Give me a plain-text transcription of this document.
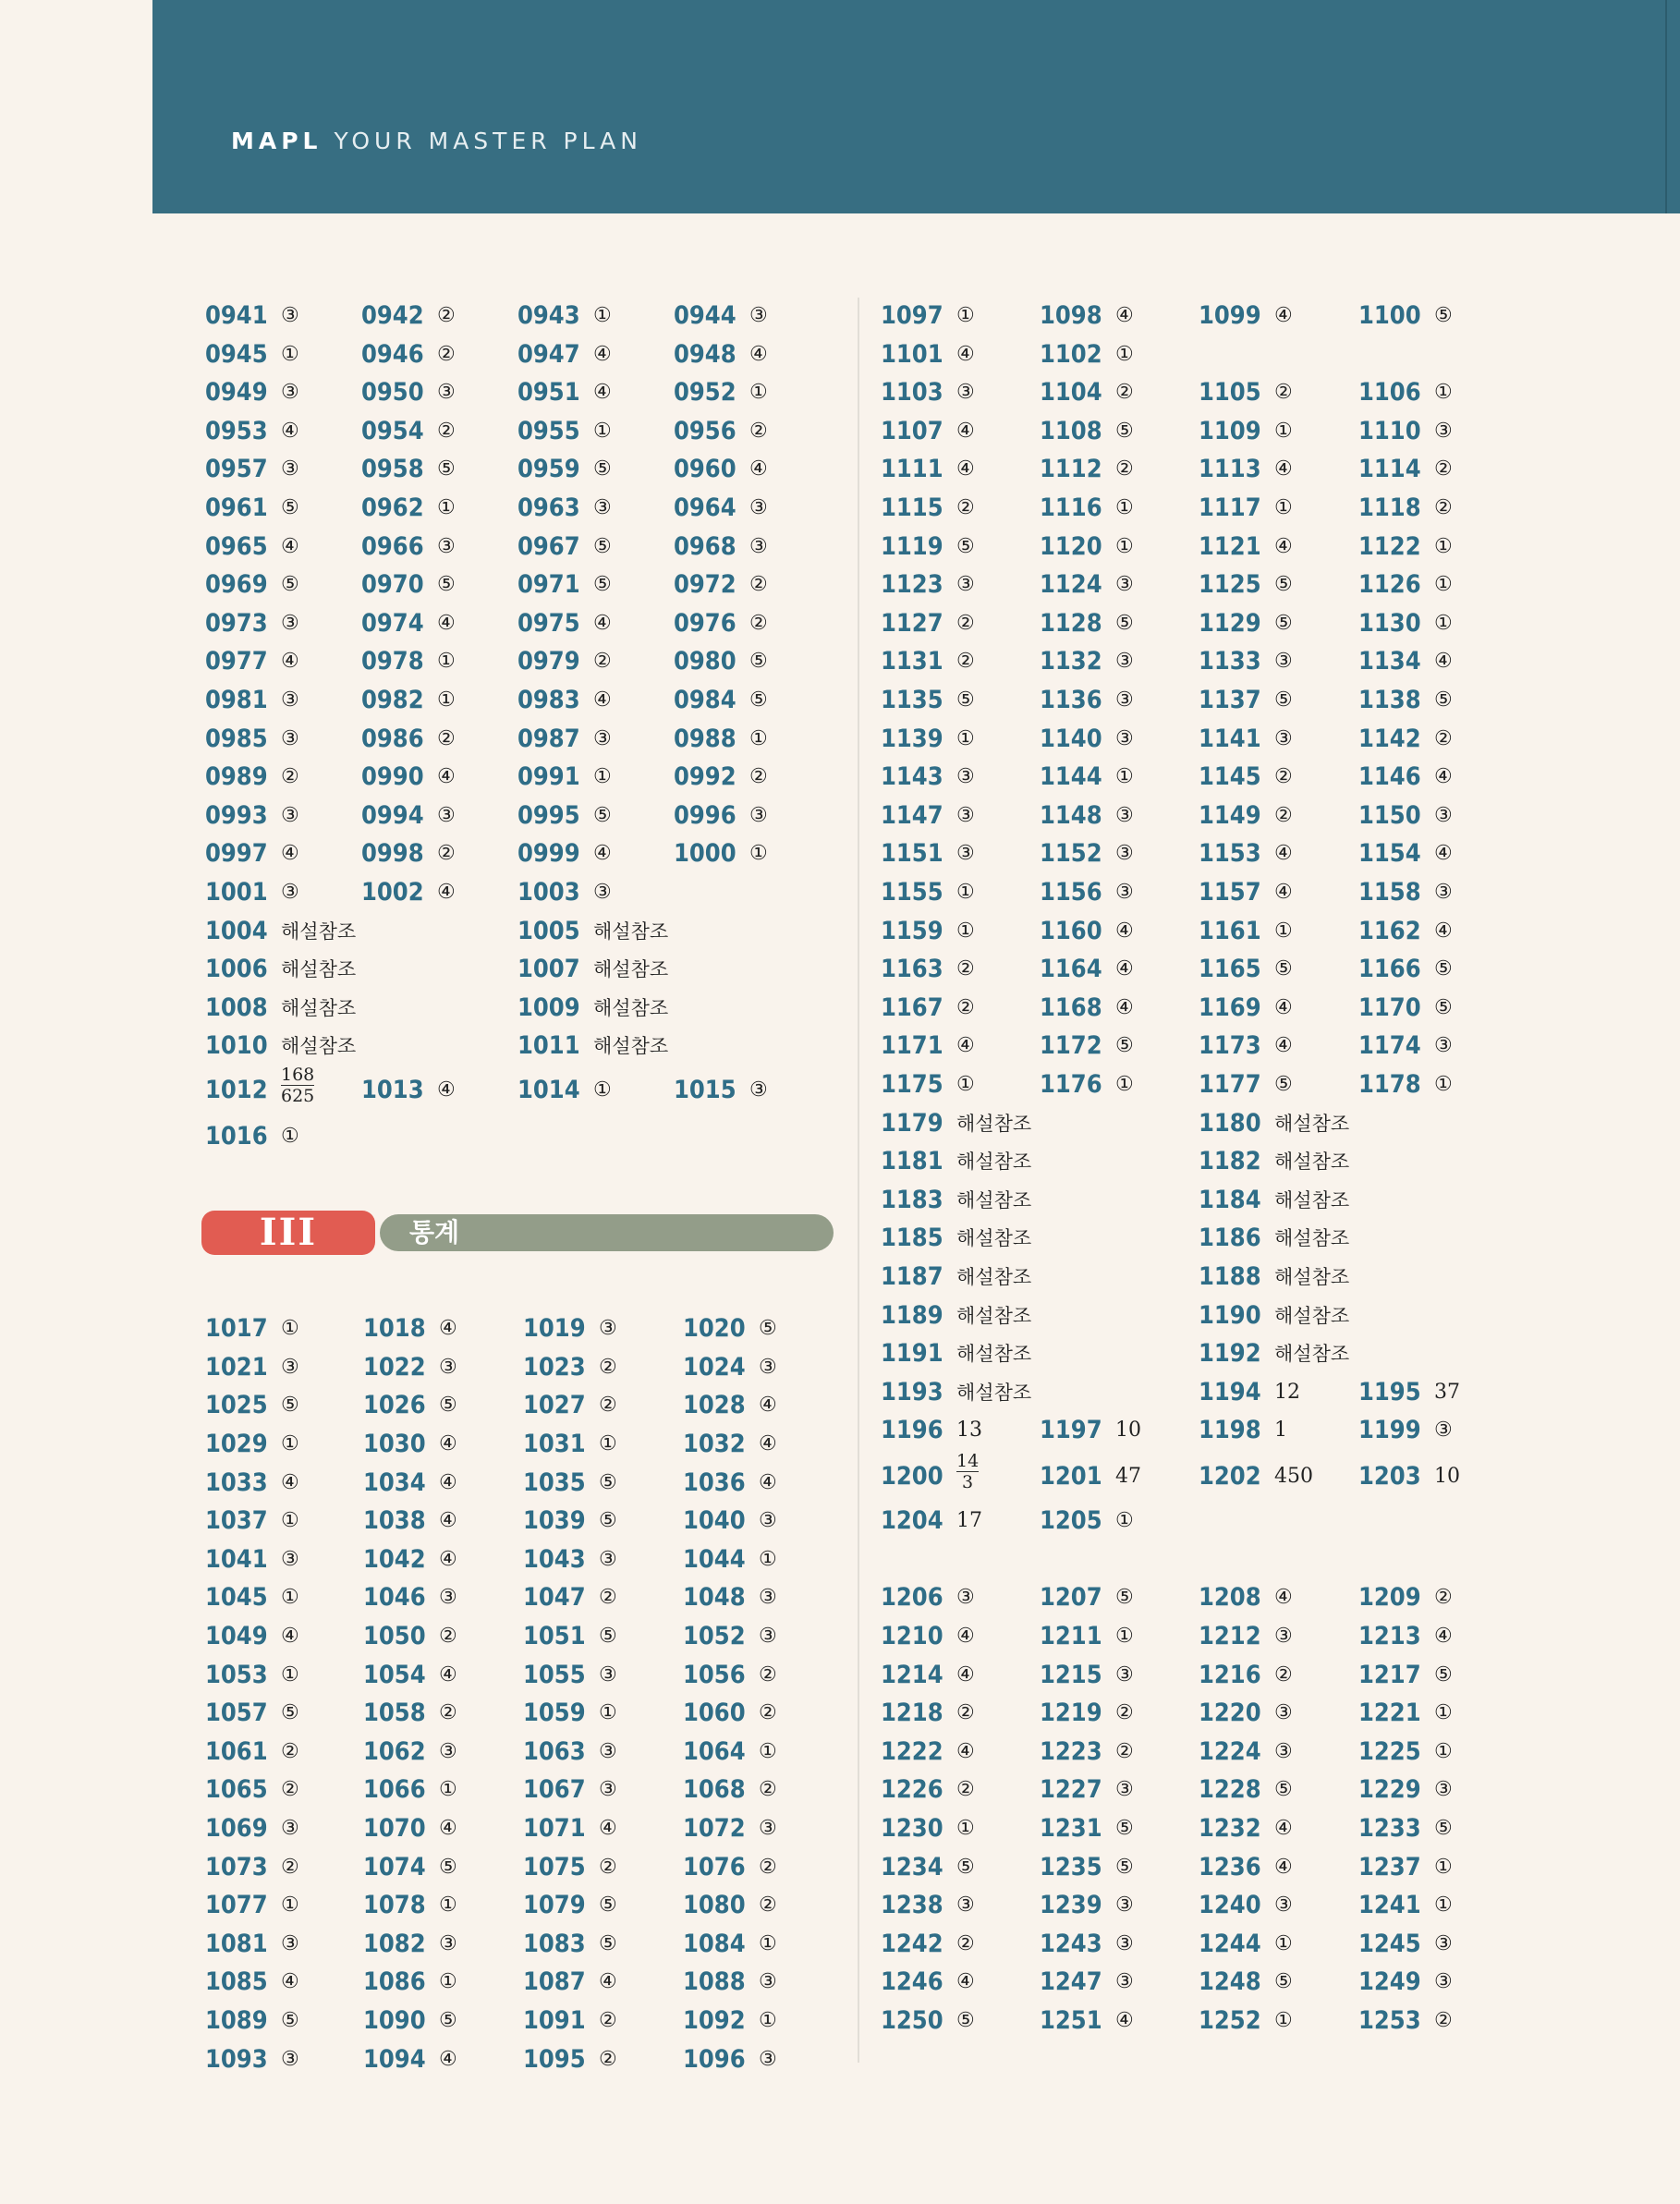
MAPL YOUR MASTER PLAN
III	통계
0941 ③ 0942 ② 0943 ① 0944 ③
0945 ① 0946 ② 0947 ④ 0948 ④
0949 ③ 0950 ③ 0951 ④ 0952 ①
0953 ④ 0954 ② 0955 ① 0956 ②
0957 ③ 0958 ⑤ 0959 ⑤ 0960 ④
0961 ⑤ 0962 ① 0963 ③ 0964 ③
0965 ④ 0966 ③ 0967 ⑤ 0968 ③
0969 ⑤ 0970 ⑤ 0971 ⑤ 0972 ②
0973 ③ 0974 ④ 0975 ④ 0976 ②
0977 ④ 0978 ① 0979 ② 0980 ⑤
0981 ③ 0982 ① 0983 ④ 0984 ⑤
0985 ③ 0986 ② 0987 ③ 0988 ①
0989 ② 0990 ④ 0991 ① 0992 ②
0993 ③ 0994 ③ 0995 ⑤ 0996 ③
0997 ④ 0998 ② 0999 ④ 1000 ①
1001 ③ 1002 ④ 1003 ③
1004 해설참조	1005 해설참조
1006 해설참조	1007 해설참조
1008 해설참조	1009 해설참조
1010 해설참조	1011 해설참조
$1012 \frac{168}{625} 1013$ ④ 1014 ① 1015 ③
1016 ①
1017 ①	1018 ④	1019 ③	1020 ⑤
1021 ③	1022 ③	1023 ②	1024 ③
1025 ⑤	1026 ⑤	1027 ②	1028 ④
1029 ①	1030 ④	1031 ①	1032 ④
1033 ④	1034 ④	1035 ⑤	1036 ④
1037 ①	1038 ④	1039 ⑤	1040 ③
1041 ③	1042 ④	1043 ③	1044 ①
1045 ①	1046 ③	1047 ②	1048 ③
1049 ④	1050 ②	1051 ⑤	1052 ③
1053 ①	1054 ④	1055 ③	1056 ②
1057 ⑤	1058 ②	1059 ①	1060 ②
1061 ②	1062 ③	1063 ③	1064 ①
1065 ②	1066 ①	1067 ③	1068 ②
1069 ③	1070 ④	1071 ④	1072 ③
1073 ②	1074 ⑤	1075 ②	1076 ②
1077 ①	1078 ①	1079 ⑤	1080 ②
1081 ③	1082 ③	1083 ⑤	1084 ①
1085 ④	1086 ①	1087 ④	1088 ③
1089 ⑤	1090 ⑤	1091 ②	1092 ①
1093 ③	1094 ④	1095 ②	1096 ③
1097 ①	1098 ④	1099 ④	1100 ⑤
1101 ④	1102 ①
1103 ③	1104 ②	1105 ②	1106 ①
1107 ④	1108 ⑤	1109 ①	1110 ③
1111 ④	1112 ②	1113 ④	1114 ②
1115 ②	1116 ①	1117 ①	1118 ②
1119 ⑤	1120 ①	1121 ④	1122 ①
1123 ③	1124 ③	1125 ⑤	1126 ①
1127 ②	1128 ⑤	1129 ⑤	1130 ①
1131 ②	1132 ③	1133 ③	1134 ④
1135 ⑤	1136 ③	1137 ⑤	1138 ⑤
1139 ①	1140 ③	1141 ③	1142 ②
1143 ③	1144 ①	1145 ②	1146 ④
1147 ③	1148 ③	1149 ②	1150 ③
1151 ③	1152 ③	1153 ④	1154 ④
1155 ①	1156 ③	1157 ④	1158 ③
1159 ①	1160 ④	1161 ①	1162 ④
1163 ②	1164 ④	1165 ⑤	1166 ⑤
1167 ②	1168 ④	1169 ④	1170 ⑤
1171 ④	1172 ⑤	1173 ④	1174 ③
1175 ①	1176 ①	1177 ⑤	1178 ①
1179 해설참조	1180 해설참조
1181 해설참조	1182 해설참조
1183 해설참조	1184 해설참조
1185 해설참조	1186 해설참조
1187 해설참조	1188 해설참조
1189 해설참조	1190 해설참조
1191 해설참조	1192 해설참조
1193 해설참조	1194 12 1195 37
1196 13 1197 10 1198 1	1199 ③
$1200 \frac{14}{3} 1201$ 47 1202 450 1203 10
1204 17 1205 ①
1206 ③	1207 ⑤	1208 ④	1209 ②
1210 ④	1211 ①	1212 ③	1213 ④
1214 ④	1215 ③	1216 ②	1217 ⑤
1218 ②	1219 ②	1220 ③	1221 ①
1222 ④	1223 ②	1224 ③	1225 ①
1226 ②	1227 ③	1228 ⑤	1229 ③
1230 ①	1231 ⑤	1232 ④	1233 ⑤
1234 ⑤	1235 ⑤	1236 ④	1237 ①
1238 ③	1239 ③	1240 ③	1241 ①
1242 ②	1243 ③	1244 ①	1245 ③
1246 ④	1247 ③	1248 ⑤	1249 ③
1250 ⑤	1251 ④	1252 ①	1253 ②
